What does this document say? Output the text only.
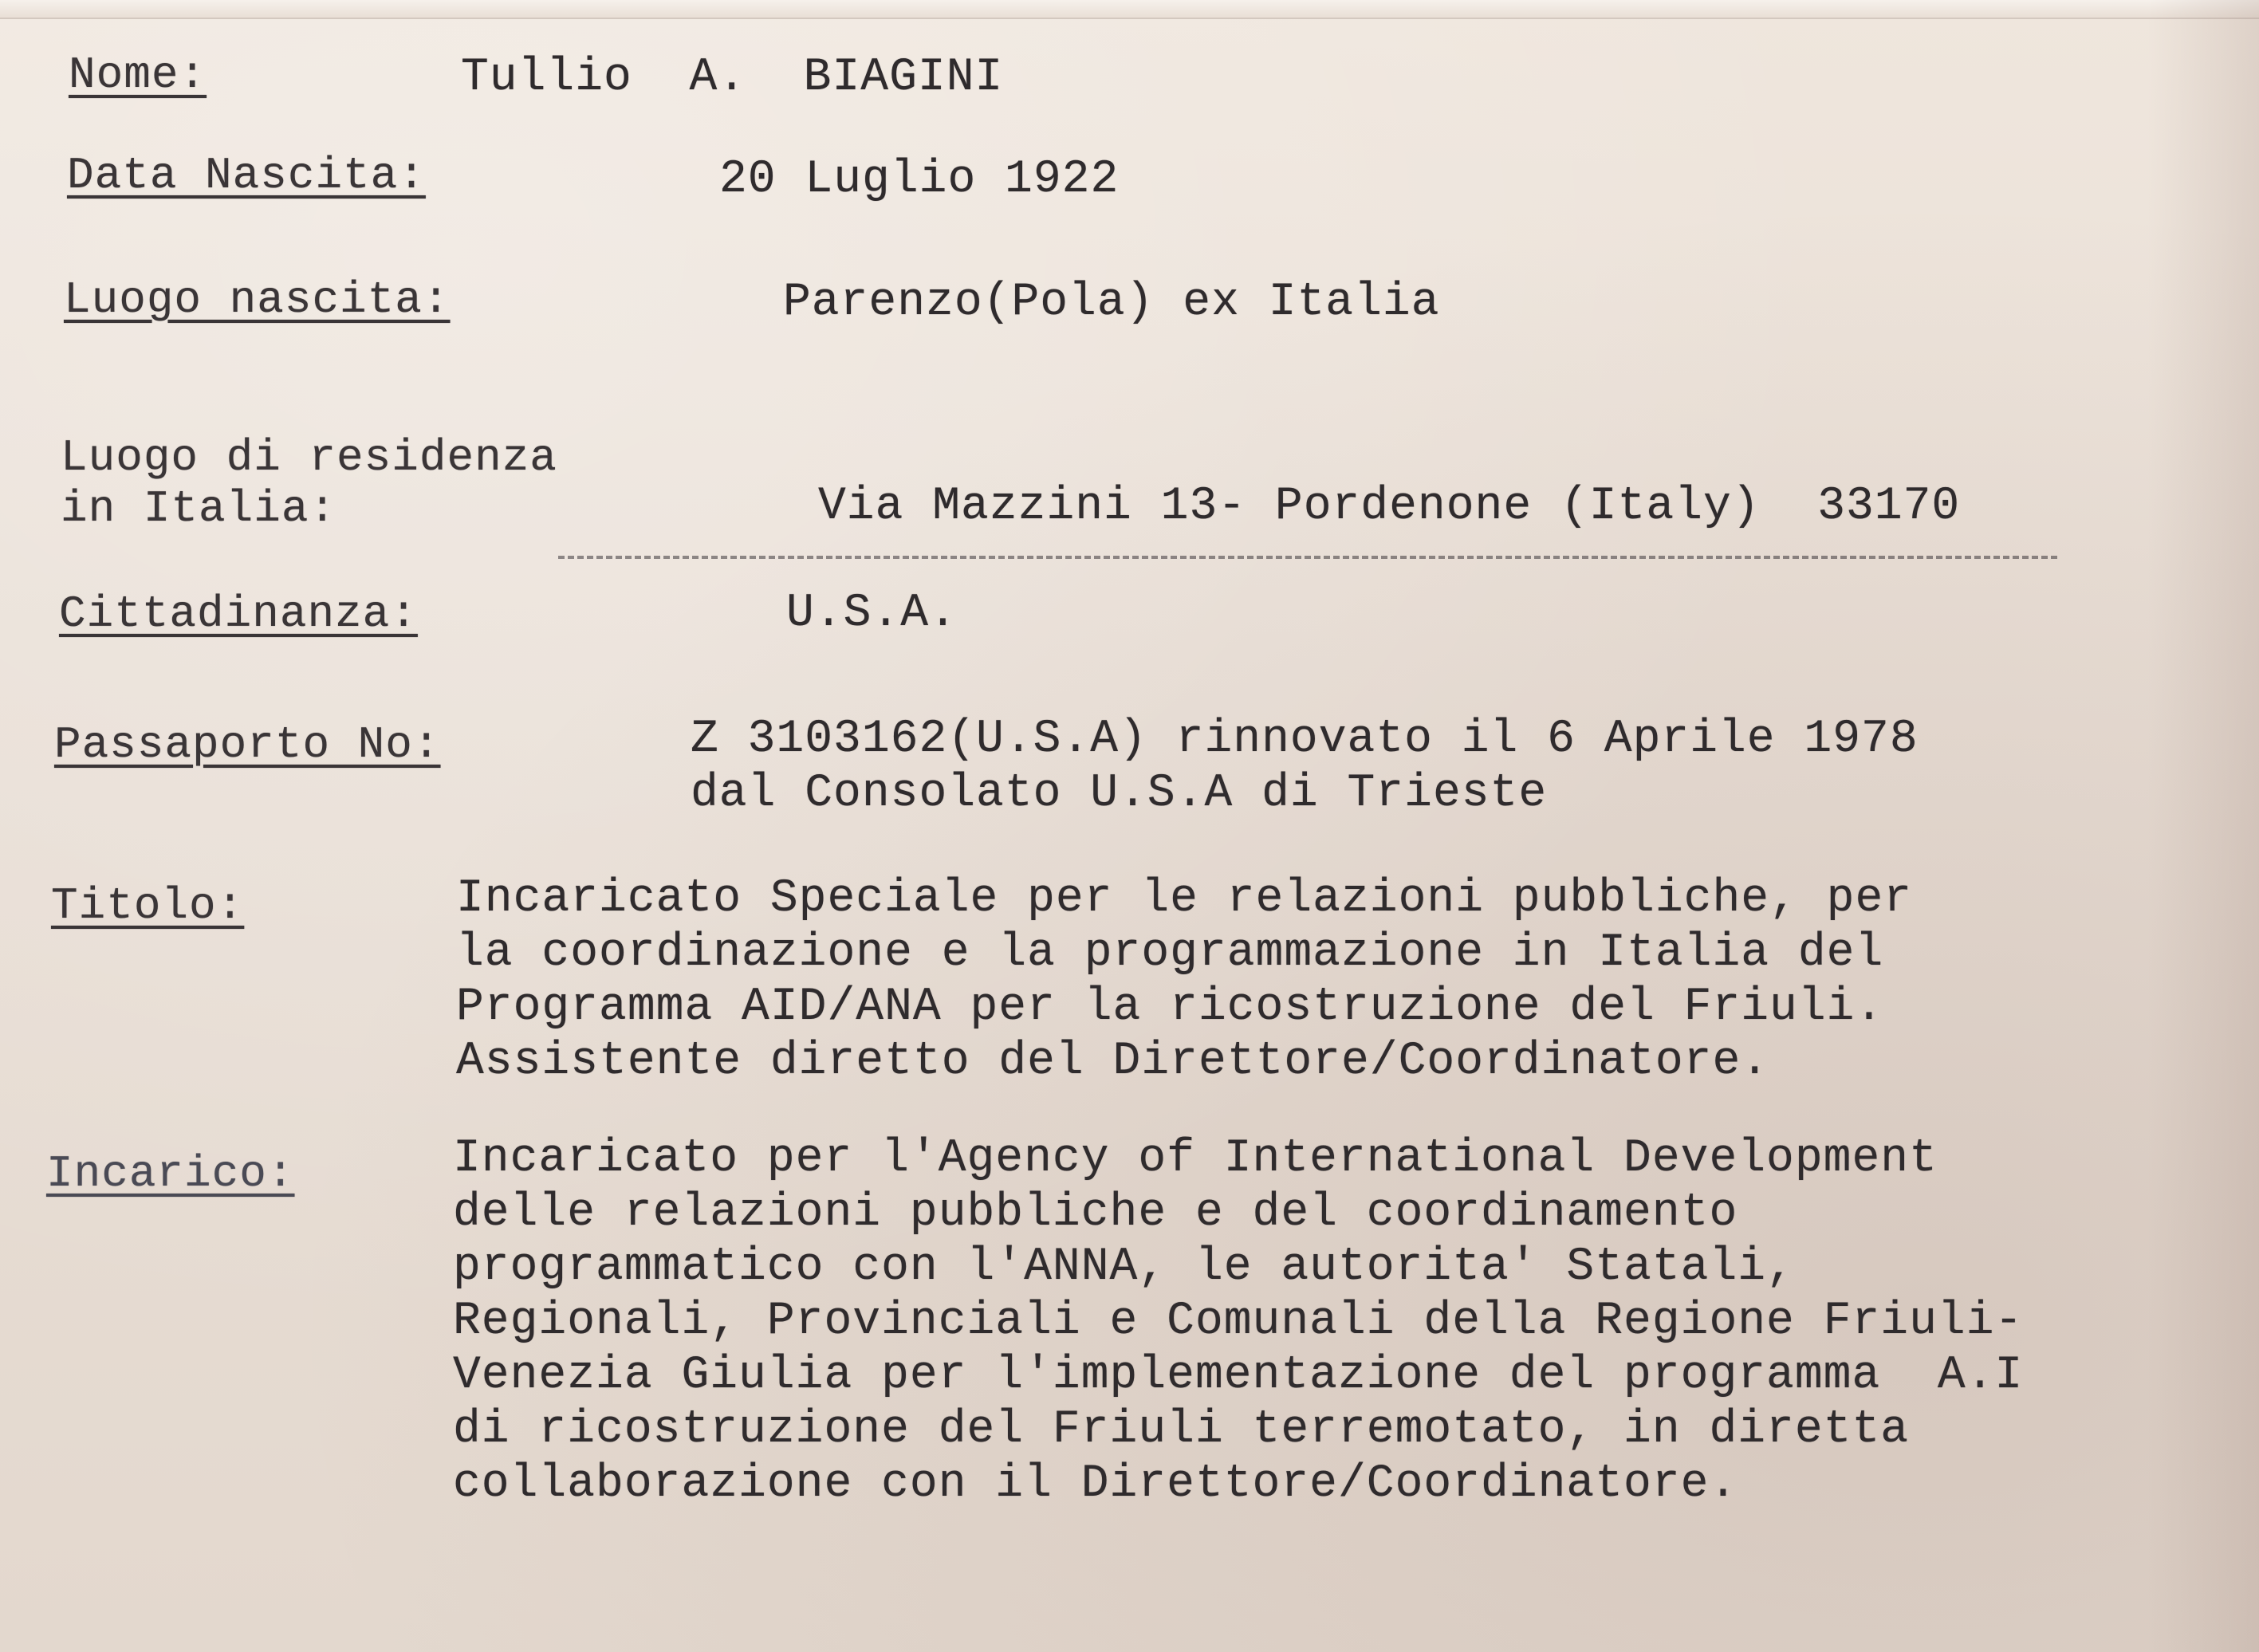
Nome:	Tullio  A.  BIAGINI

Data Nascita:	20 Luglio 1922

Luogo nascita:	Parenzo(Pola) ex Italia

Luogo di residenza

in Italia:	Via Mazzini 13- Pordenone (Italy)  33170

Cittadinanza:	U.S.A.

Passaporto No:	Z 3103162(U.S.A) rinnovato il 6 Aprile 1978
dal Consolato U.S.A di Trieste

Titolo:	Incaricato Speciale per le relazioni pubbliche, per
la coordinazione e la programmazione in Italia del
Programma AID/ANA per la ricostruzione del Friuli.
Assistente diretto del Direttore/Coordinatore.

Incarico:	Incaricato per l'Agency of International Development
delle relazioni pubbliche e del coordinamento
programmatico con l'ANNA, le autorita' Statali,
Regionali, Provinciali e Comunali della Regione Friuli-
Venezia Giulia per l'implementazione del programma  A.I
di ricostruzione del Friuli terremotato, in diretta
collaborazione con il Direttore/Coordinatore.
